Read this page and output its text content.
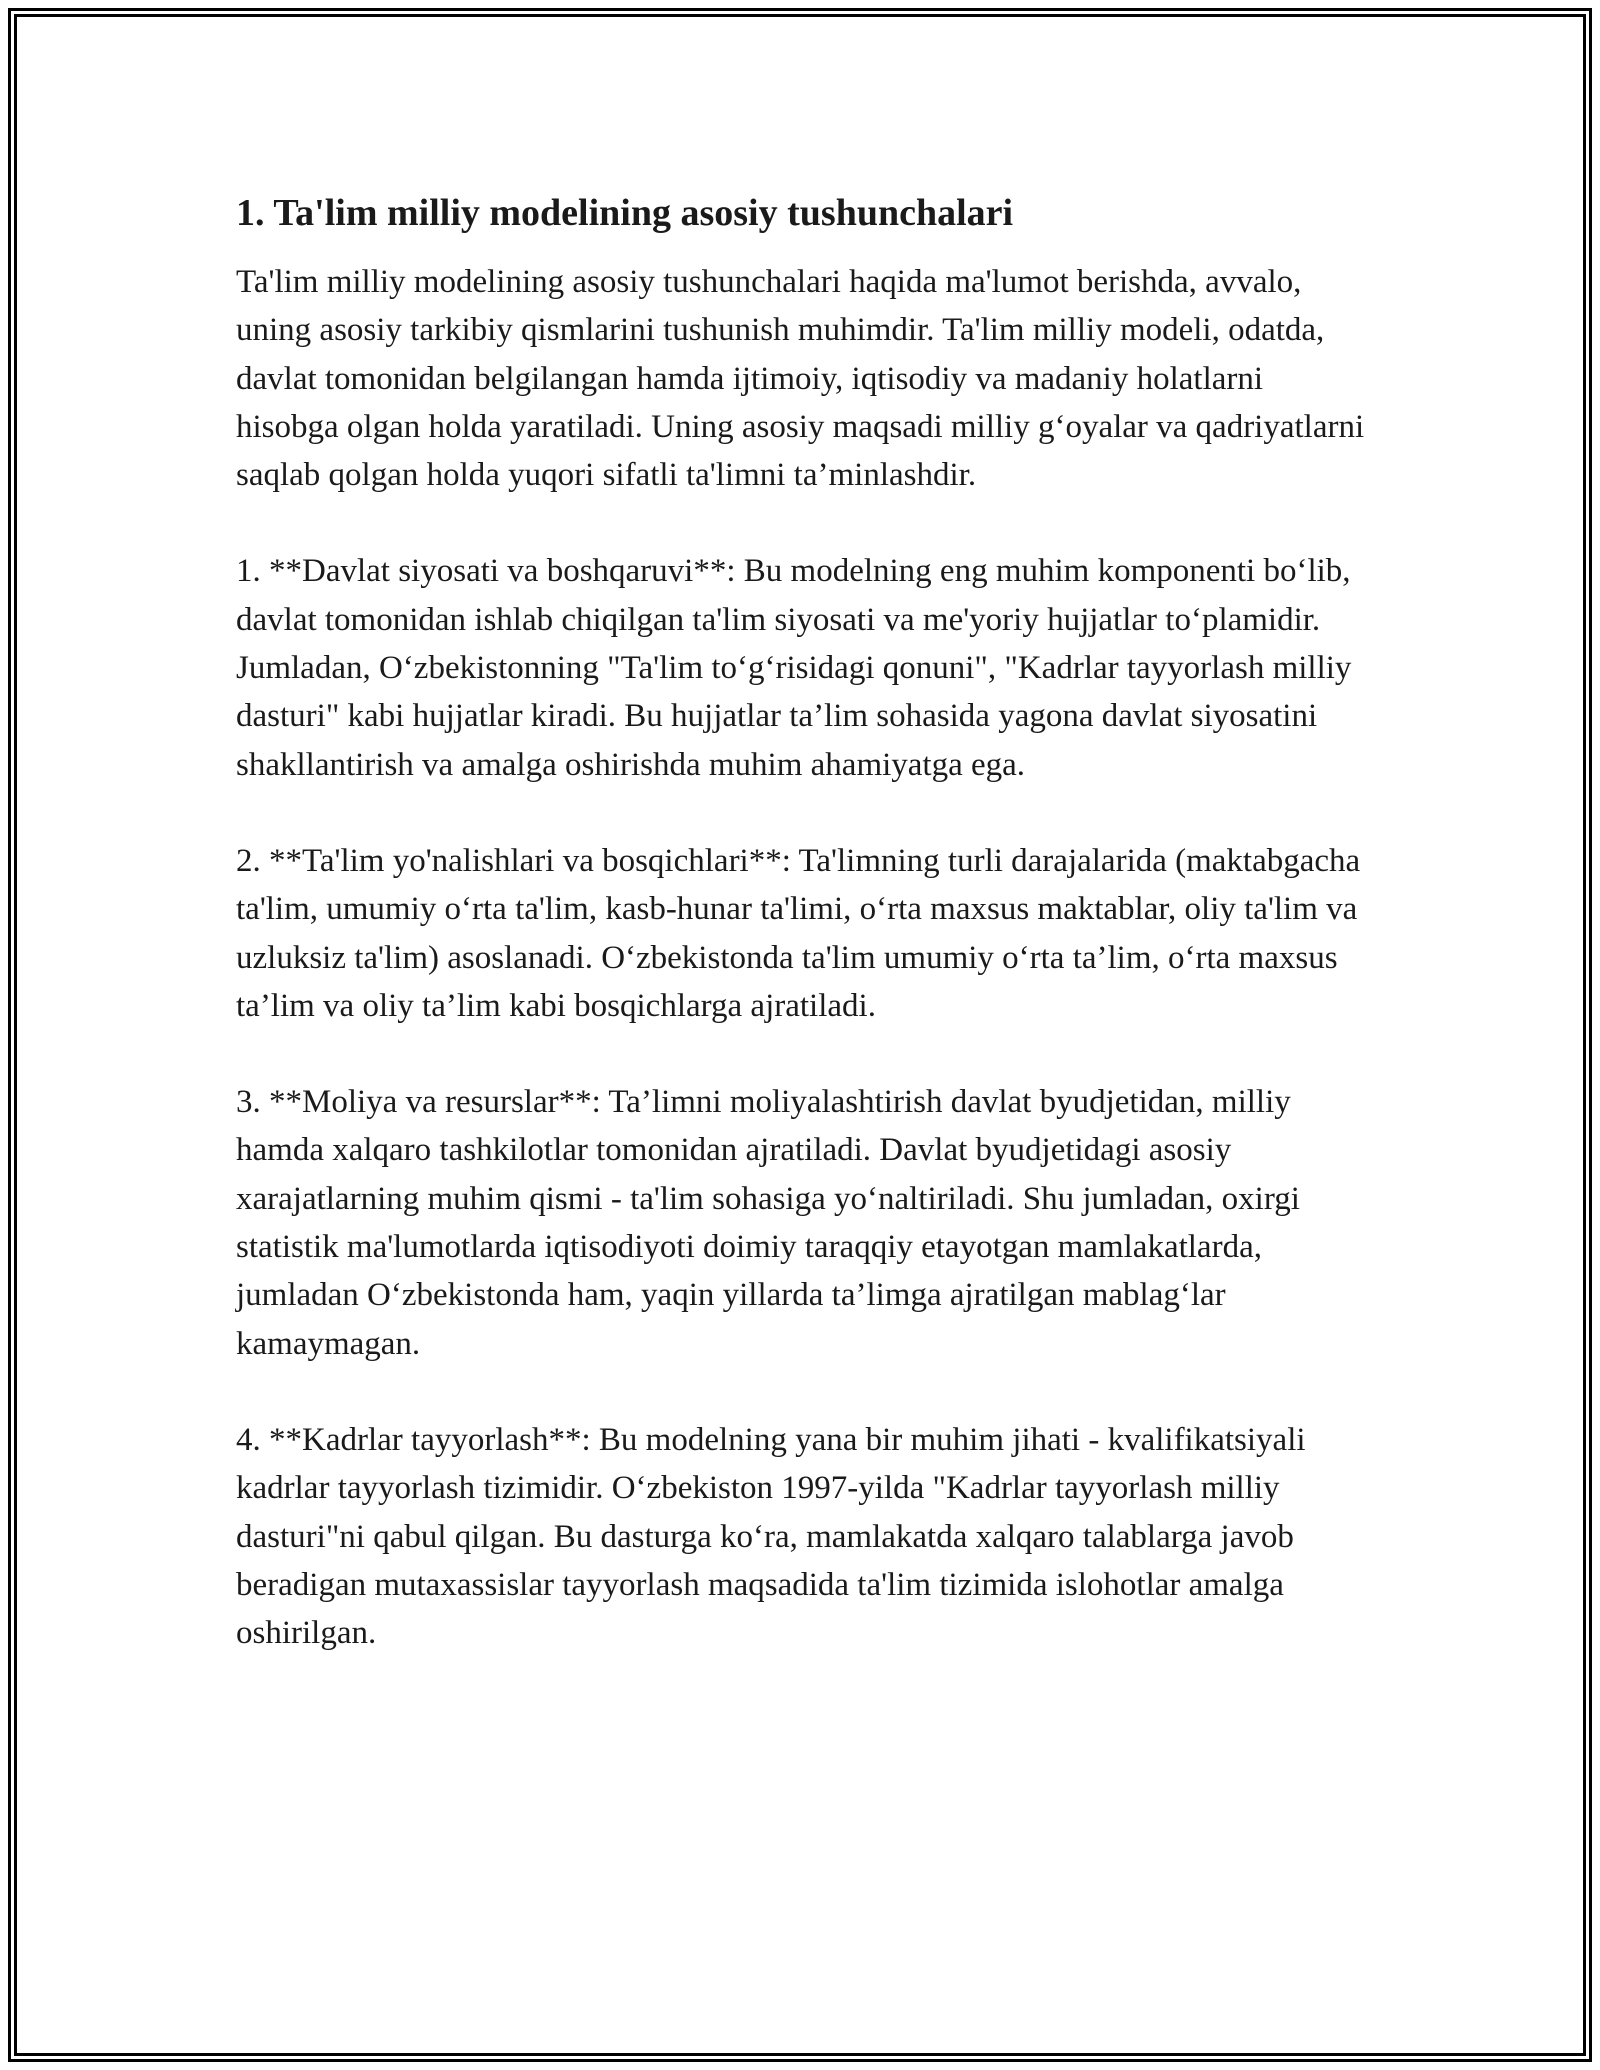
1. Ta'lim milliy modelining asosiy tushunchalari

Ta'lim milliy modelining asosiy tushunchalari haqida ma'lumot berishda, avvalo, uning asosiy tarkibiy qismlarini tushunish muhimdir. Ta'lim milliy modeli, odatda, davlat tomonidan belgilangan hamda ijtimoiy, iqtisodiy va madaniy holatlarni hisobga olgan holda yaratiladi. Uning asosiy maqsadi milliy g‘oyalar va qadriyatlarni saqlab qolgan holda yuqori sifatli ta'limni ta’minlashdir.

1. **Davlat siyosati va boshqaruvi**: Bu modelning eng muhim komponenti bo‘lib, davlat tomonidan ishlab chiqilgan ta'lim siyosati va me'yoriy hujjatlar to‘plamidir. Jumladan, O‘zbekistonning "Ta'lim to‘g‘risidagi qonuni", "Kadrlar tayyorlash milliy dasturi" kabi hujjatlar kiradi. Bu hujjatlar ta’lim sohasida yagona davlat siyosatini shakllantirish va amalga oshirishda muhim ahamiyatga ega.

2. **Ta'lim yo'nalishlari va bosqichlari**: Ta'limning turli darajalarida (maktabgacha ta'lim, umumiy o‘rta ta'lim, kasb-hunar ta'limi, o‘rta maxsus maktablar, oliy ta'lim va uzluksiz ta'lim) asoslanadi. O‘zbekistonda ta'lim umumiy o‘rta ta’lim, o‘rta maxsus ta’lim va oliy ta’lim kabi bosqichlarga ajratiladi.

3. **Moliya va resurslar**: Ta’limni moliyalashtirish davlat byudjetidan, milliy hamda xalqaro tashkilotlar tomonidan ajratiladi. Davlat byudjetidagi asosiy xarajatlarning muhim qismi - ta'lim sohasiga yo‘naltiriladi. Shu jumladan, oxirgi statistik ma'lumotlarda iqtisodiyoti doimiy taraqqiy etayotgan mamlakatlarda, jumladan O‘zbekistonda ham, yaqin yillarda ta’limga ajratilgan mablag‘lar kamaymagan.

4. **Kadrlar tayyorlash**: Bu modelning yana bir muhim jihati - kvalifikatsiyali kadrlar tayyorlash tizimidir. O‘zbekiston 1997-yilda "Kadrlar tayyorlash milliy dasturi"ni qabul qilgan. Bu dasturga ko‘ra, mamlakatda xalqaro talablarga javob beradigan mutaxassislar tayyorlash maqsadida ta'lim tizimida islohotlar amalga oshirilgan.
